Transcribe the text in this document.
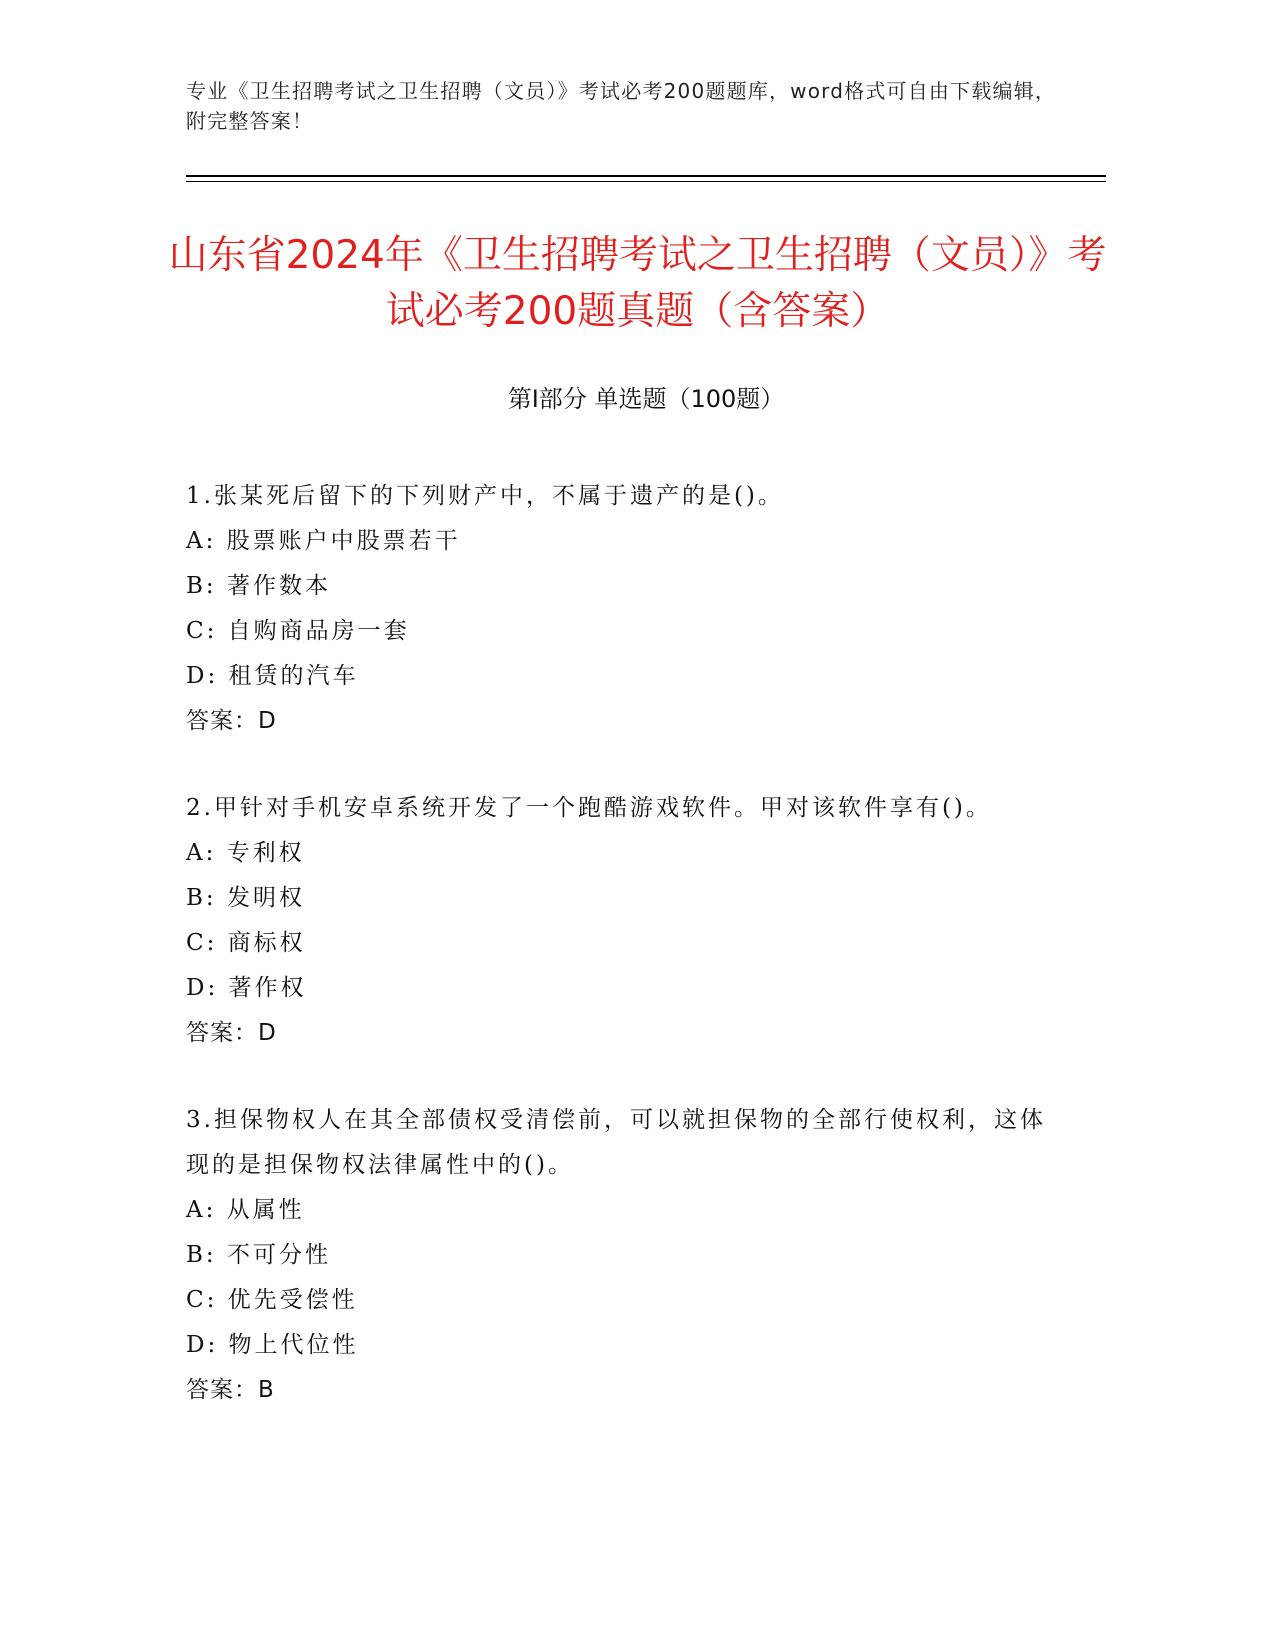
专业《卫生招聘考试之卫生招聘（文员）》考试必考200题题库，word格式可自由下载编辑，附完整答案！
山东省2024年《卫生招聘考试之卫生招聘（文员）》考试必考200题真题（含答案）
第I部分 单选题（100题）
1.张某死后留下的下列财产中，不属于遗产的是()。
A: 股票账户中股票若干
B: 著作数本
C: 自购商品房一套
D: 租赁的汽车
答案：D
2.甲针对手机安卓系统开发了一个跑酷游戏软件。甲对该软件享有()。
A: 专利权
B: 发明权
C: 商标权
D: 著作权
答案：D
3.担保物权人在其全部债权受清偿前，可以就担保物的全部行使权利，这体现的是担保物权法律属性中的()。
A: 从属性
B: 不可分性
C: 优先受偿性
D: 物上代位性
答案：B
